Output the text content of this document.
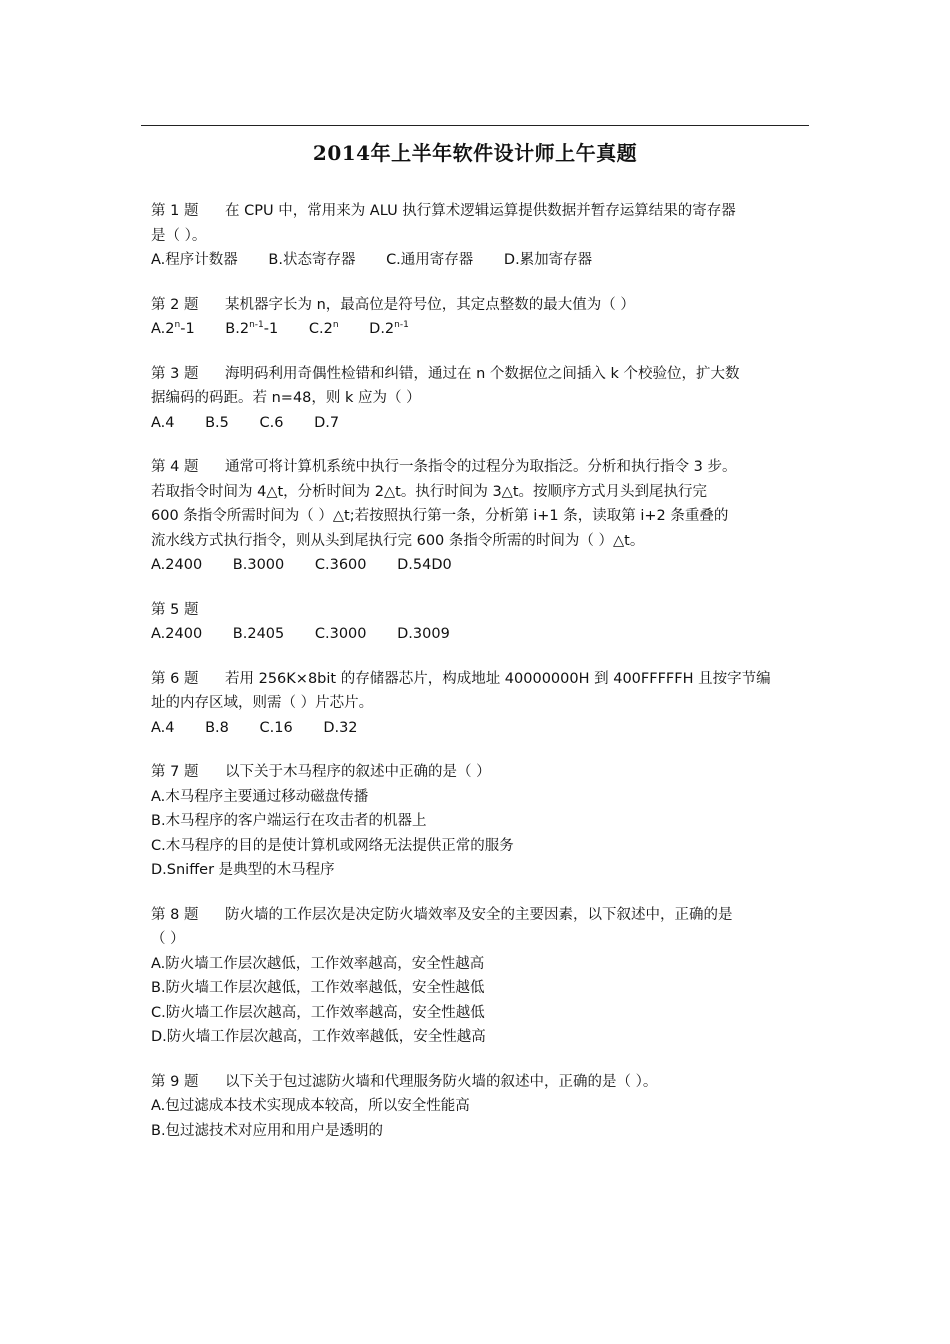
2014年上半年软件设计师上午真题
第 1 题 在 CPU 中，常用来为 ALU 执行算术逻辑运算提供数据并暂存运算结果的寄存器
是（ ）。
A.程序计数器 B.状态寄存器 C.通用寄存器 D.累加寄存器
第 2 题 某机器字长为 n，最高位是符号位，其定点整数的最大值为（ ）
A.2$^n$-1 B.2$^{n-1}$-1 C.2$^n$ D.2$^{n-1}$
第 3 题 海明码利用奇偶性检错和纠错，通过在 n 个数据位之间插入 k 个校验位，扩大数
据编码的码距。若 n=48，则 k 应为（ ）
A.4 B.5 C.6 D.7
第 4 题 通常可将计算机系统中执行一条指令的过程分为取指泛。分析和执行指令 3 步。
若取指令时间为 4△t，分析时间为 2△t。执行时间为 3△t。按顺序方式月头到尾执行完
600 条指令所需时间为（ ）△t;若按照执行第一条，分析第 i+1 条，读取第 i+2 条重叠的
流水线方式执行指令，则从头到尾执行完 600 条指令所需的时间为（ ）△t。
A.2400 B.3000 C.3600 D.54D0
第 5 题
A.2400 B.2405 C.3000 D.3009
第 6 题 若用 256K×8bit 的存储器芯片，构成地址 40000000H 到 400FFFFFH 且按字节编
址的内存区域，则需（ ）片芯片。
A.4 B.8 C.16 D.32
第 7 题 以下关于木马程序的叙述中正确的是（ ）
A.木马程序主要通过移动磁盘传播
B.木马程序的客户端运行在攻击者的机器上
C.木马程序的目的是使计算机或网络无法提供正常的服务
D.Sniffer 是典型的木马程序
第 8 题 防火墙的工作层次是决定防火墙效率及安全的主要因素，以下叙述中，正确的是
（ ）
A.防火墙工作层次越低，工作效率越高，安全性越高
B.防火墙工作层次越低，工作效率越低，安全性越低
C.防火墙工作层次越高，工作效率越高，安全性越低
D.防火墙工作层次越高，工作效率越低，安全性越高
第 9 题 以下关于包过滤防火墙和代理服务防火墙的叙述中，正确的是（ ）。
A.包过滤成本技术实现成本较高，所以安全性能高
B.包过滤技术对应用和用户是透明的
